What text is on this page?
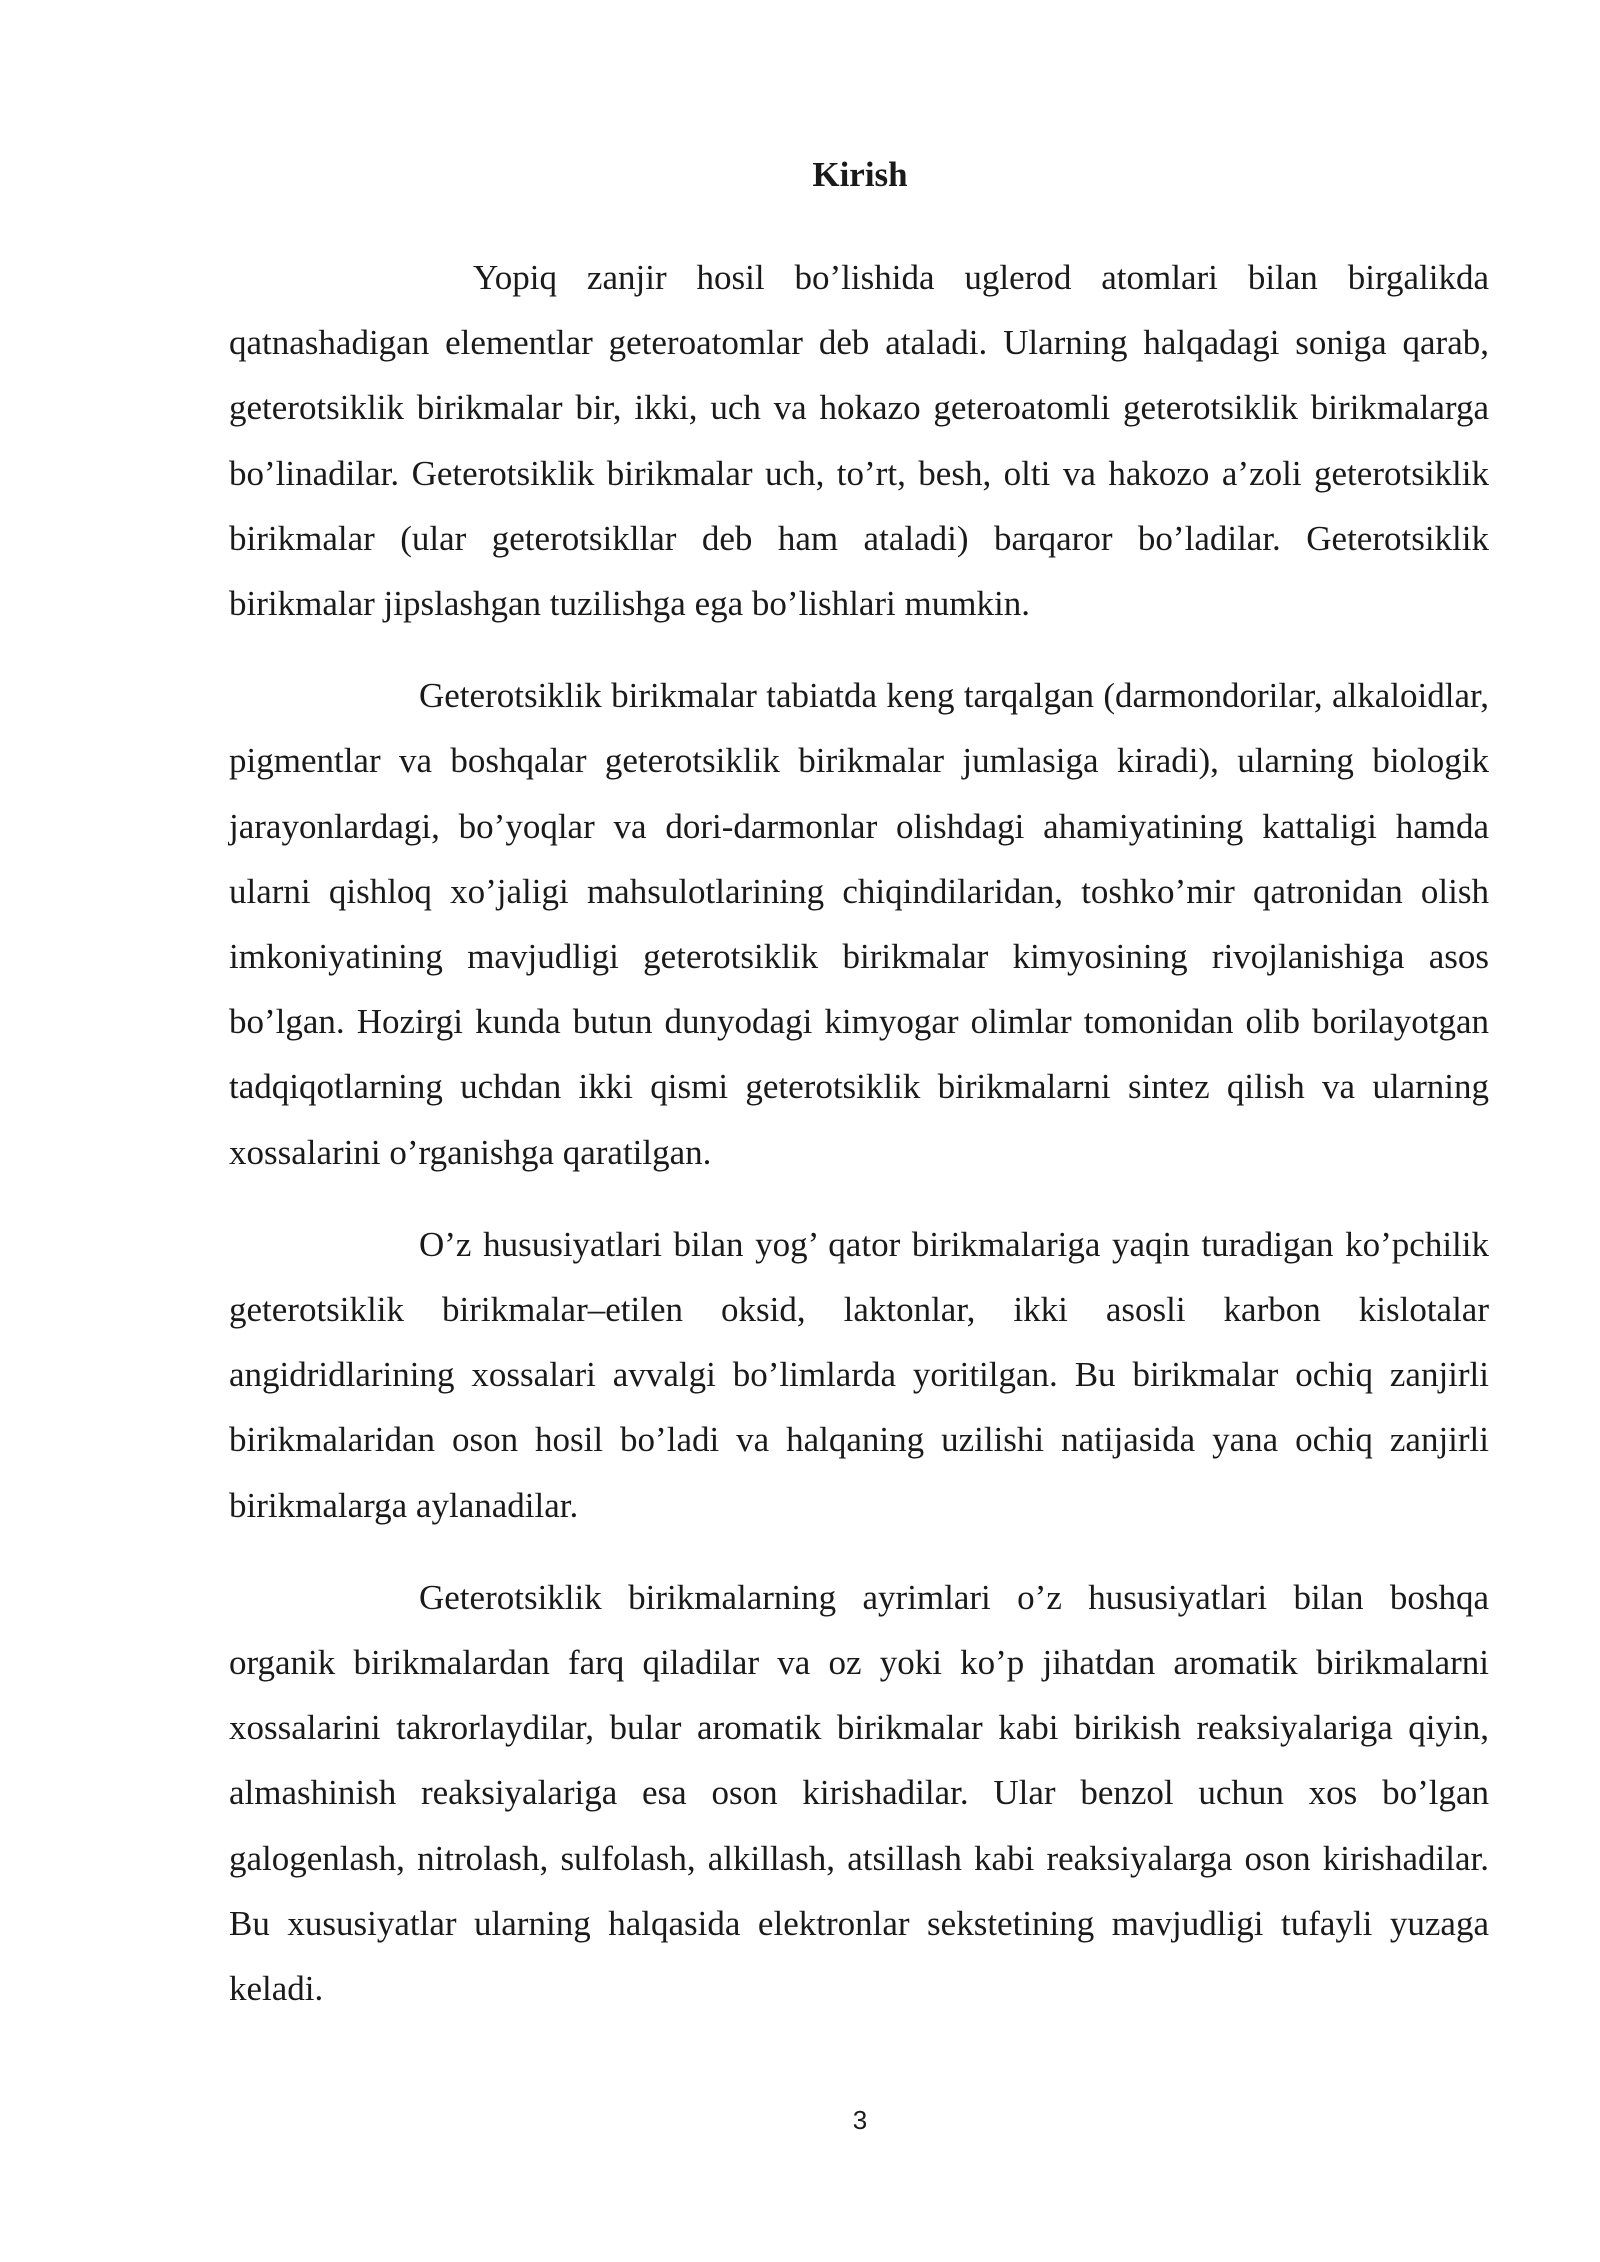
Kirish

Yopiq zanjir hosil bo’lishida uglerod atomlari bilan birgalikda qatnashadigan elementlar geteroatomlar deb ataladi. Ularning halqadagi soniga qarab, geterotsiklik birikmalar bir, ikki, uch va hokazo geteroatomli geterotsiklik birikmalarga bo’linadilar. Geterotsiklik birikmalar uch, to’rt, besh, olti va hakozo a’zoli geterotsiklik birikmalar (ular geterotsikllar deb ham ataladi) barqaror bo’ladilar. Geterotsiklik birikmalar jipslashgan tuzilishga ega bo’lishlari mumkin.

Geterotsiklik birikmalar tabiatda keng tarqalgan (darmondorilar, alkaloidlar, pigmentlar va boshqalar geterotsiklik birikmalar jumlasiga kiradi), ularning biologik jarayonlardagi, bo’yoqlar va dori-darmonlar olishdagi ahamiyatining kattaligi hamda ularni qishloq xo’jaligi mahsulotlarining chiqindilaridan, toshko’mir qatronidan olish imkoniyatining mavjudligi geterotsiklik birikmalar kimyosining rivojlanishiga asos bo’lgan. Hozirgi kunda butun dunyodagi kimyogar olimlar tomonidan olib borilayotgan tadqiqotlarning uchdan ikki qismi geterotsiklik birikmalarni sintez qilish va ularning xossalarini o’rganishga qaratilgan.

O’z hususiyatlari bilan yog’ qator birikmalariga yaqin turadigan ko’pchilik geterotsiklik birikmalar–etilen oksid, laktonlar, ikki asosli karbon kislotalar angidridlarining xossalari avvalgi bo’limlarda yoritilgan. Bu birikmalar ochiq zanjirli birikmalaridan oson hosil bo’ladi va halqaning uzilishi natijasida yana ochiq zanjirli birikmalarga aylanadilar.

Geterotsiklik birikmalarning ayrimlari o’z hususiyatlari bilan boshqa organik birikmalardan farq qiladilar va oz yoki ko’p jihatdan aromatik birikmalarni xossalarini takrorlaydilar, bular aromatik birikmalar kabi birikish reaksiyalariga qiyin, almashinish reaksiyalariga esa oson kirishadilar. Ular benzol uchun xos bo’lgan galogenlash, nitrolash, sulfolash, alkillash, atsillash kabi reaksiyalarga oson kirishadilar. Bu xususiyatlar ularning halqasida elektronlar sekstetining mavjudligi tufayli yuzaga keladi.

3
